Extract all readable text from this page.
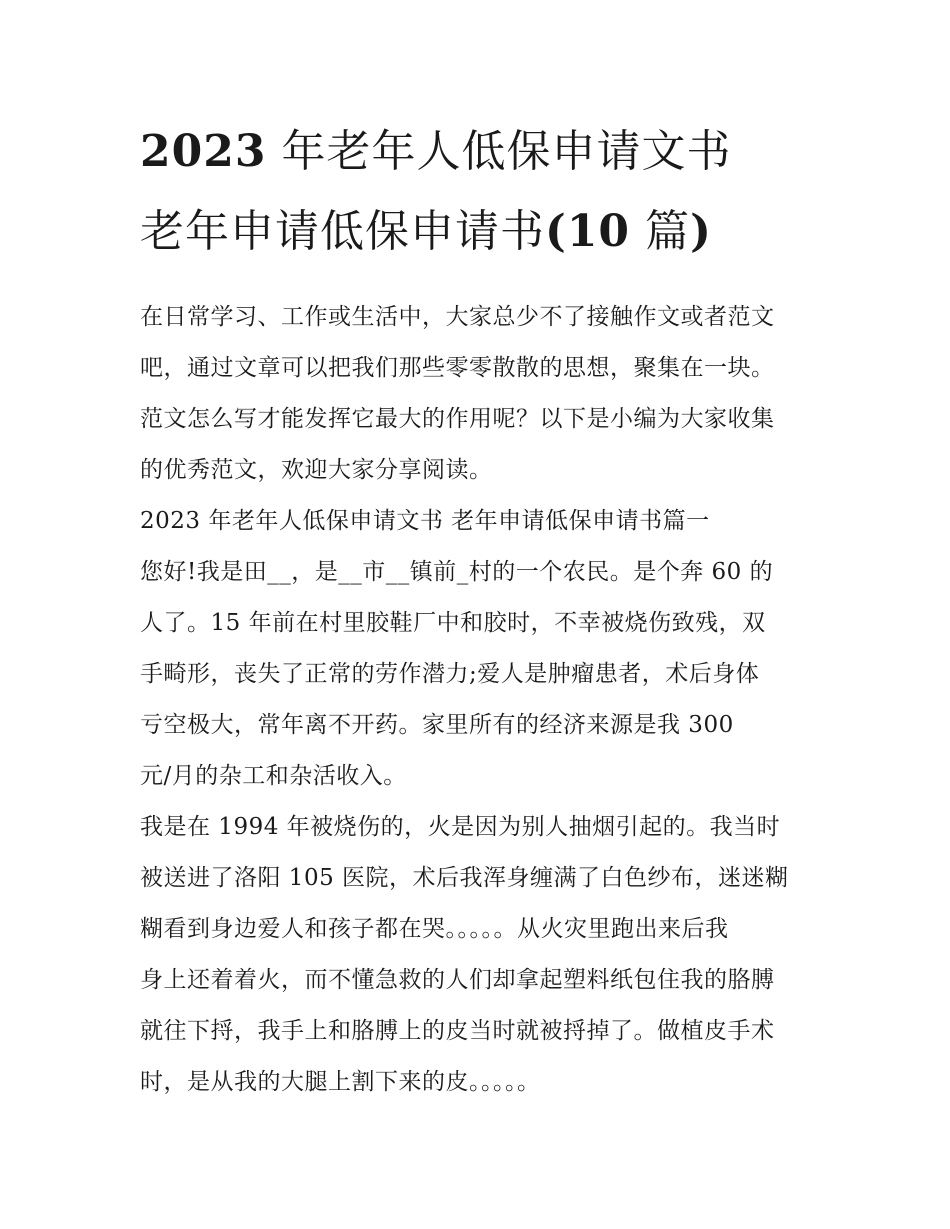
2023 年老年人低保申请文书
老年申请低保申请书(10 篇)

在日常学习、工作或生活中，大家总少不了接触作文或者范文
吧，通过文章可以把我们那些零零散散的思想，聚集在一块。
范文怎么写才能发挥它最大的作用呢？以下是小编为大家收集
的优秀范文，欢迎大家分享阅读。

2023 年老年人低保申请文书 老年申请低保申请书篇一

您好!我是田__，是__市__镇前_村的一个农民。是个奔 60 的
人了。15 年前在村里胶鞋厂中和胶时，不幸被烧伤致残，双
手畸形，丧失了正常的劳作潜力;爱人是肿瘤患者，术后身体
亏空极大，常年离不开药。家里所有的经济来源是我 300
元/月的杂工和杂活收入。

我是在 1994 年被烧伤的，火是因为别人抽烟引起的。我当时
被送进了洛阳 105 医院，术后我浑身缠满了白色纱布，迷迷糊
糊看到身边爱人和孩子都在哭。。。。。从火灾里跑出来后我
身上还着着火，而不懂急救的人们却拿起塑料纸包住我的胳膊
就往下捋，我手上和胳膊上的皮当时就被捋掉了。做植皮手术
时，是从我的大腿上割下来的皮。。。。。
